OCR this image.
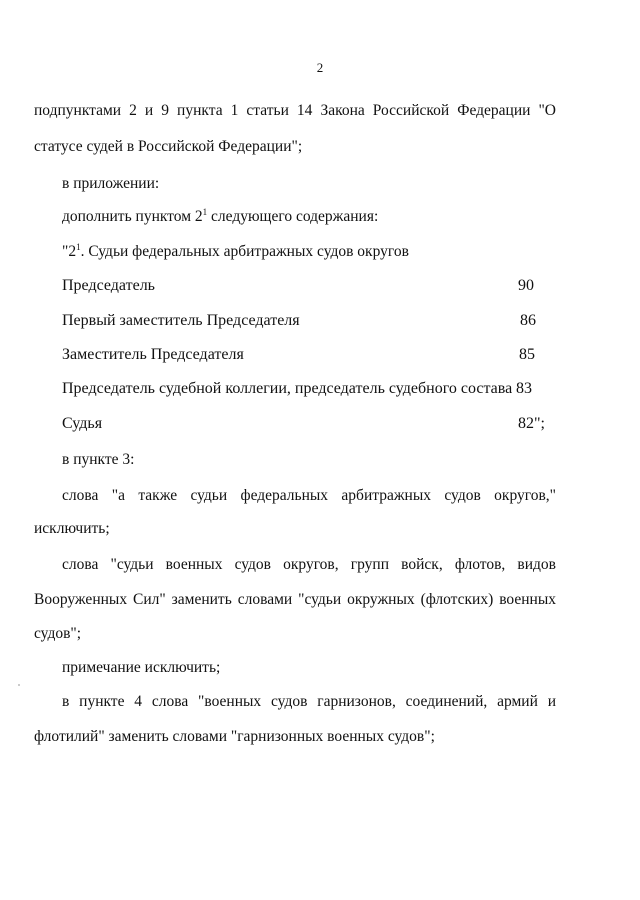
2
подпунктами 2 и 9 пункта 1 статьи 14 Закона Российской Федерации "О
статусе судей в Российской Федерации";
в приложении:
дополнить пунктом $2^1$ следующего содержания:
"$2^1$. Судьи федеральных арбитражных судов округов
Председатель	90
Первый заместитель Председателя	86
Заместитель Председателя	85
Председатель судебной коллегии, председатель судебного состава 83
Судья	82";
в пункте 3:
слова "а также судьи федеральных арбитражных судов округов,"
исключить;
слова "судьи военных судов округов, групп войск, флотов, видов
Вооруженных Сил" заменить словами "судьи окружных (флотских) военных
судов";
примечание исключить;
в пункте 4 слова "военных судов гарнизонов, соединений, армий и
флотилий" заменить словами "гарнизонных военных судов";
